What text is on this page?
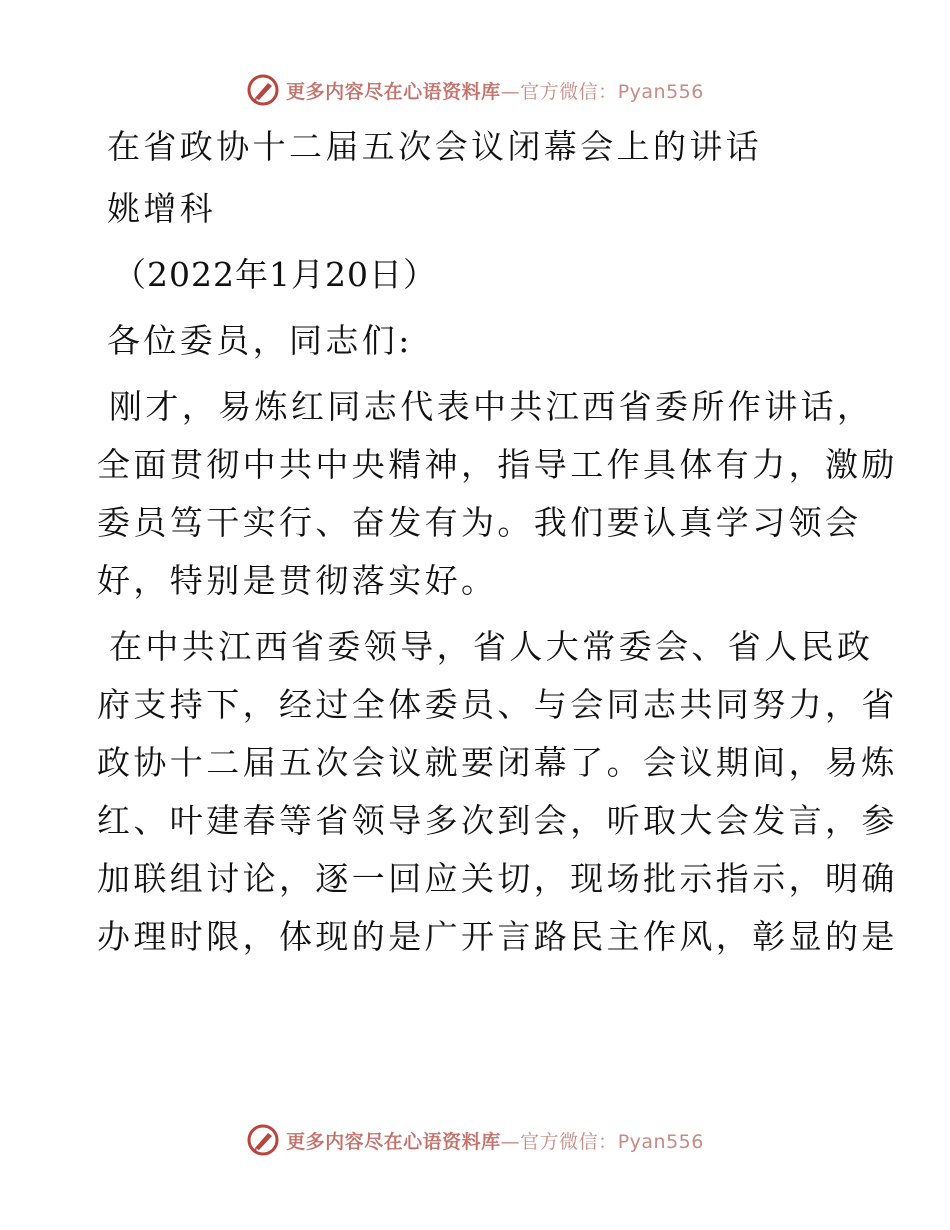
更多内容尽在心语资料库—官方微信：Pyan556
在省政协十二届五次会议闭幕会上的讲话
姚增科
（2022年1月20日）
各位委员，同志们:
刚才，易炼红同志代表中共江西省委所作讲话，
全面贯彻中共中央精神，指导工作具体有力，激励
委员笃干实行、奋发有为。我们要认真学习领会
好，特别是贯彻落实好。
在中共江西省委领导，省人大常委会、省人民政
府支持下，经过全体委员、与会同志共同努力，省
政协十二届五次会议就要闭幕了。会议期间，易炼
红、叶建春等省领导多次到会，听取大会发言，参
加联组讨论，逐一回应关切，现场批示指示，明确
办理时限，体现的是广开言路民主作风，彰显的是
更多内容尽在心语资料库—官方微信：Pyan556
